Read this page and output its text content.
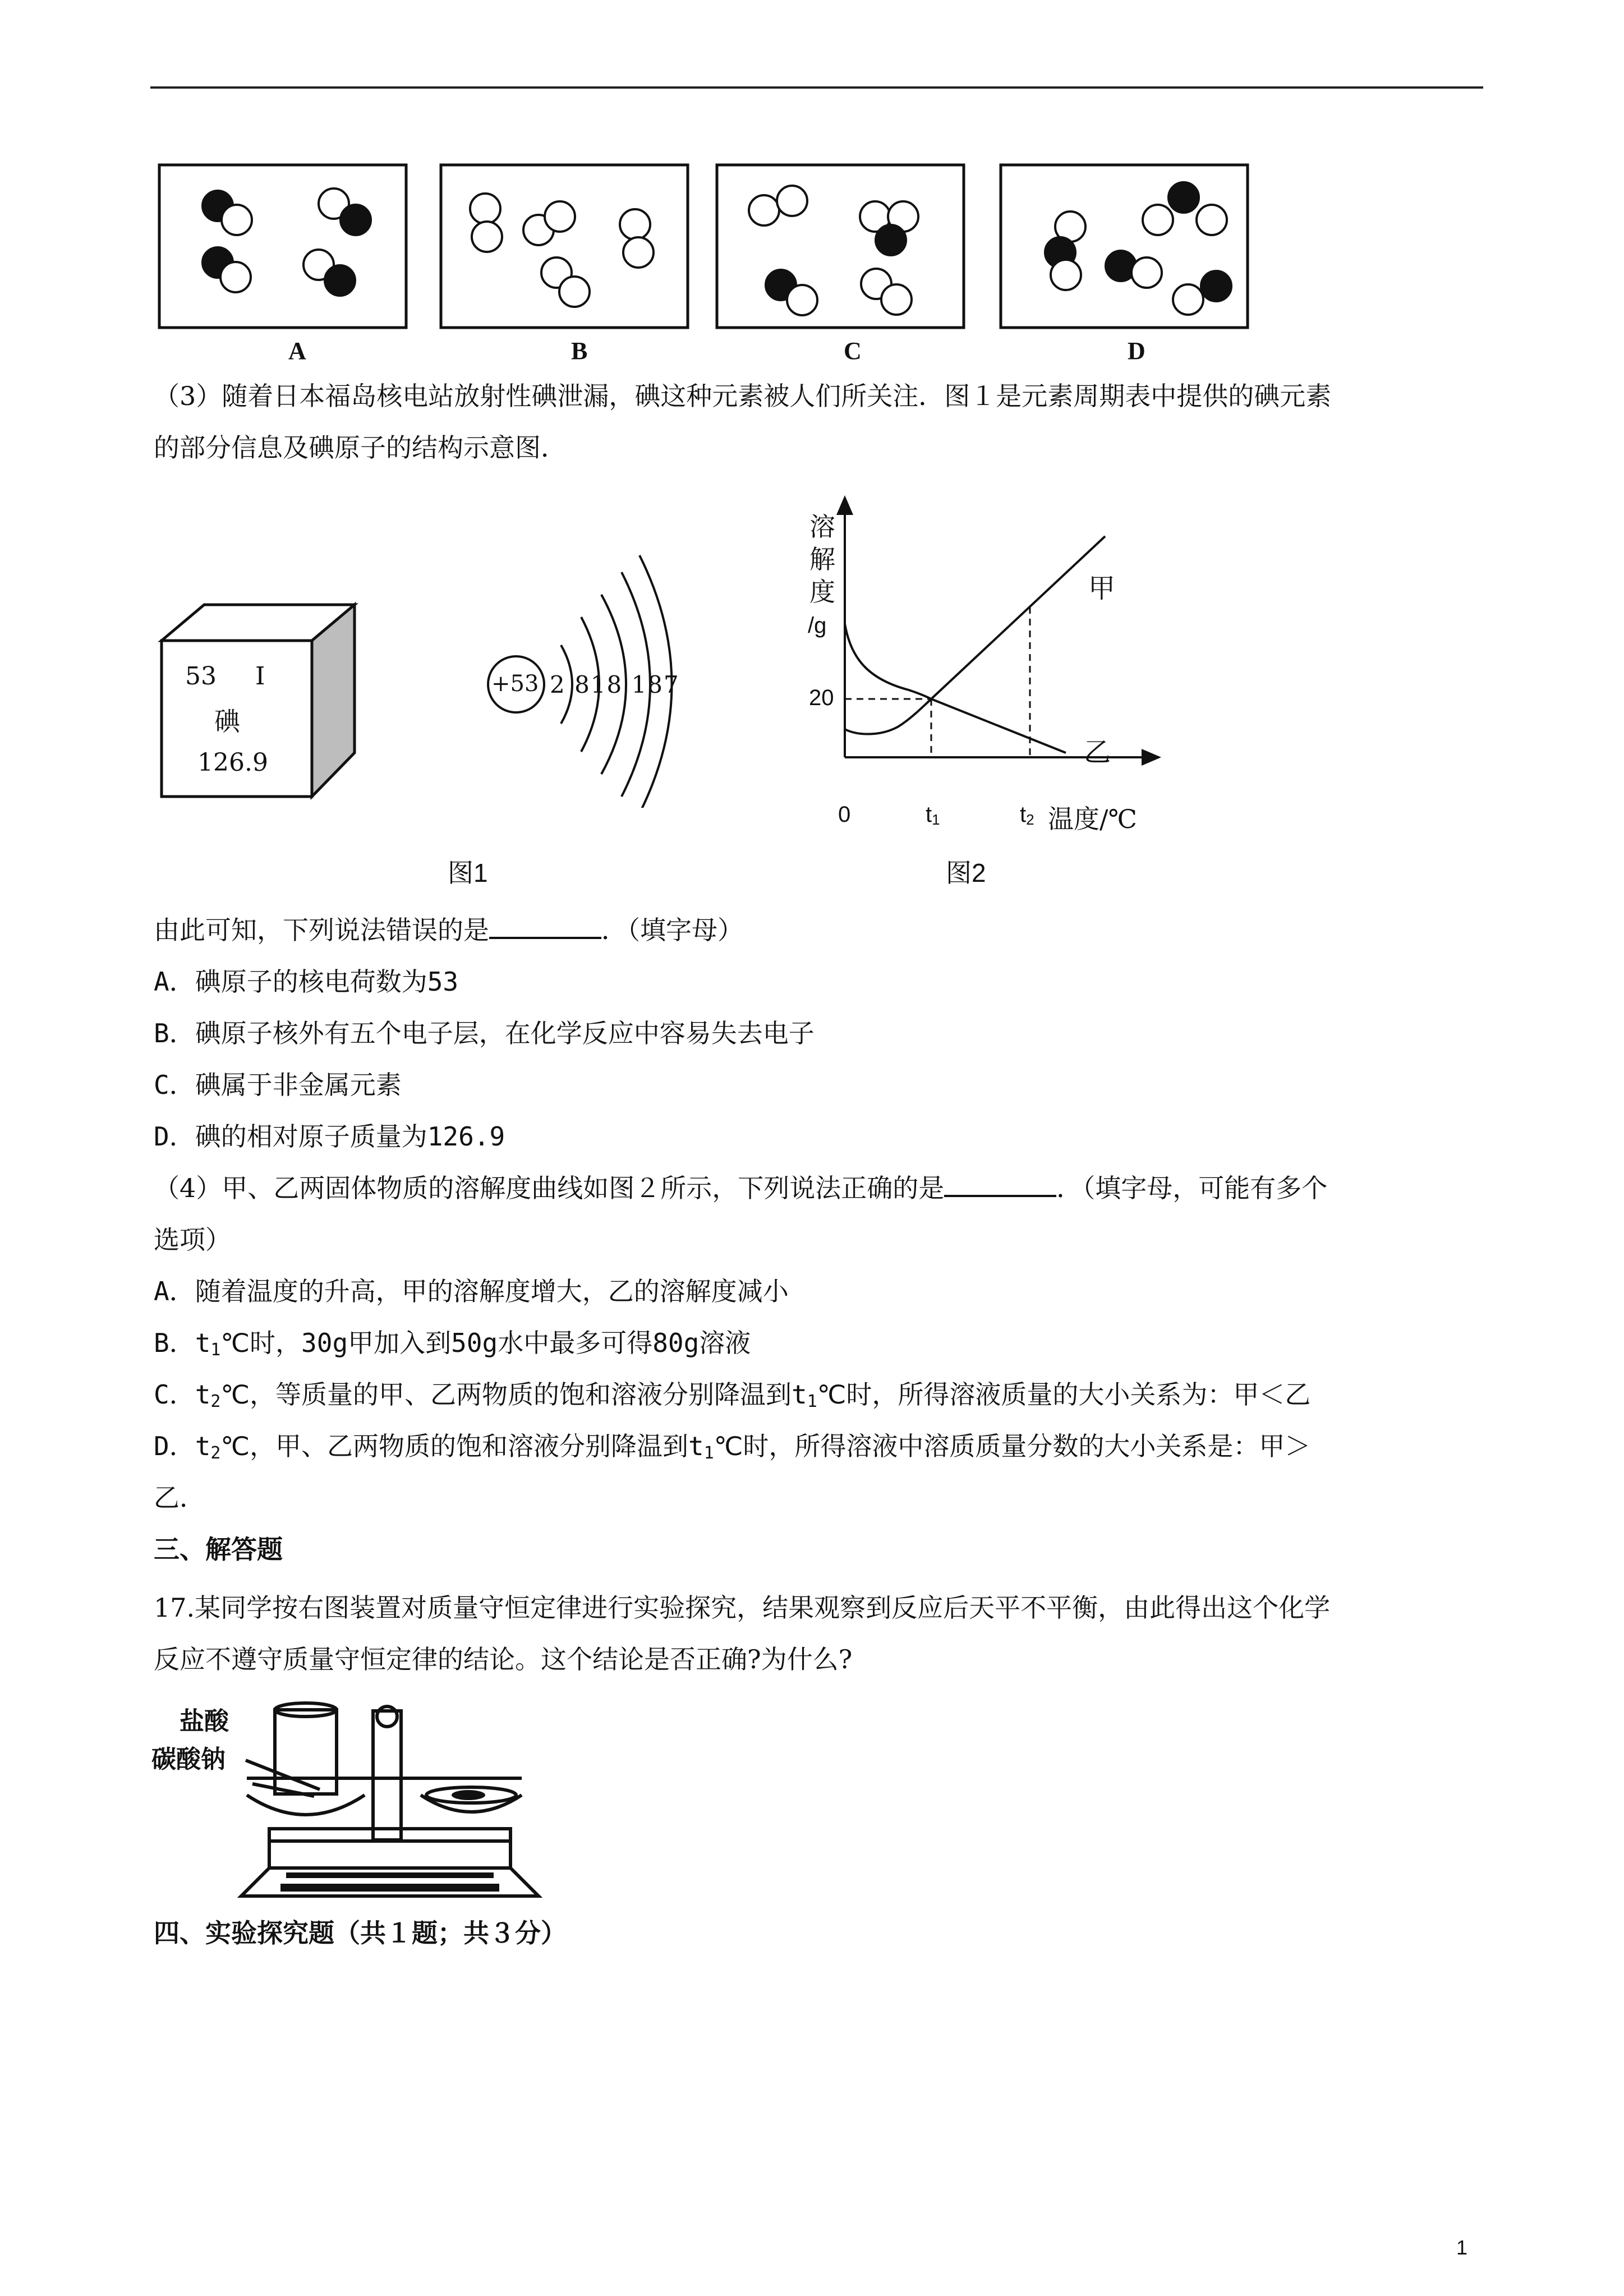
A	B	C	D
（3）随着日本福岛核电站放射性碘泄漏，碘这种元素被人们所关注．图１是元素周期表中提供的碘元素
的部分信息及碘原子的结构示意图．
53 I
碘
126.9
+53 2 818 187
图1
溶
解
度
/g
20
0	$t_1$	$t_2$ 温度/℃
甲
乙
图2
由此可知，下列说法错误的是	．（填字母）
A．碘原子的核电荷数为53
B．碘原子核外有五个电子层，在化学反应中容易失去电子
C．碘属于非金属元素
D．碘的相对原子质量为126.9
（4）甲、乙两固体物质的溶解度曲线如图２所示，下列说法正确的是	．（填字母，可能有多个
选项）
A．随着温度的升高，甲的溶解度增大，乙的溶解度减小
B．$t_1℃$时，30g甲加入到50g水中最多可得80g溶液
C．$t_2℃$，等质量的甲、乙两物质的饱和溶液分别降温到$t_1℃$时，所得溶液质量的大小关系为：甲＜乙
D．$t_2℃$，甲、乙两物质的饱和溶液分别降温到$t_1℃$时，所得溶液中溶质质量分数的大小关系是：甲＞
乙．
三、解答题
17.某同学按右图装置对质量守恒定律进行实验探究，结果观察到反应后天平不平衡，由此得出这个化学
反应不遵守质量守恒定律的结论。这个结论是否正确?为什么?
盐酸
碳酸钠
四、实验探究题（共１题；共３分）
1
